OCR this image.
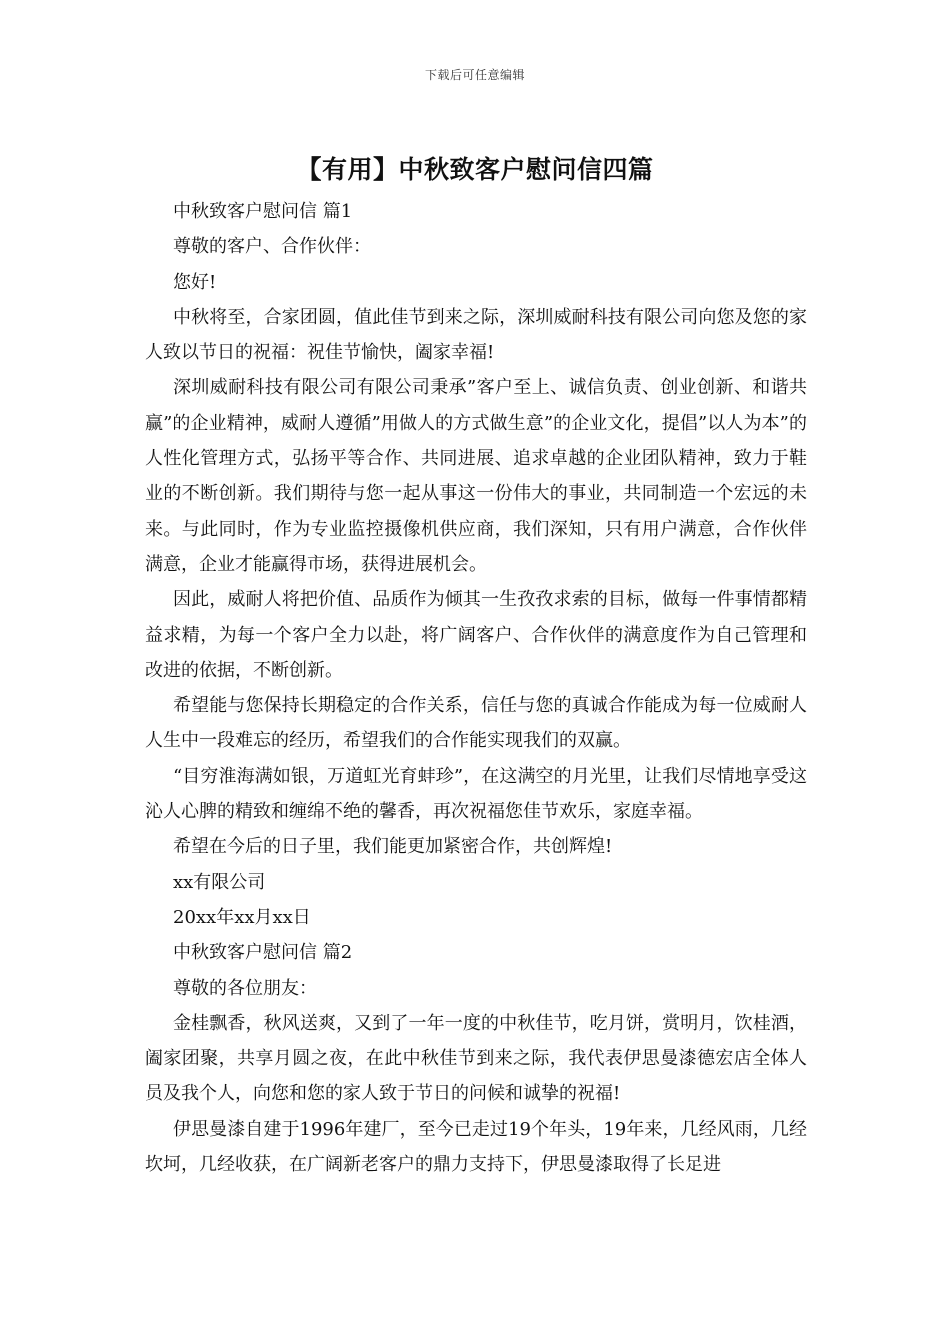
下载后可任意编辑
【有用】中秋致客户慰问信四篇

中秋致客户慰问信 篇1

尊敬的客户、合作伙伴：

您好!

中秋将至，合家团圆，值此佳节到来之际，深圳威耐科技有限公司向您及您的家人致以节日的祝福：祝佳节愉快，阖家幸福!

深圳威耐科技有限公司有限公司秉承”客户至上、诚信负责、创业创新、和谐共赢”的企业精神，威耐人遵循”用做人的方式做生意”的企业文化，提倡”以人为本”的人性化管理方式，弘扬平等合作、共同进展、追求卓越的企业团队精神，致力于鞋业的不断创新。我们期待与您一起从事这一份伟大的事业，共同制造一个宏远的未来。与此同时，作为专业监控摄像机供应商，我们深知，只有用户满意，合作伙伴满意，企业才能赢得市场，获得进展机会。

因此，威耐人将把价值、品质作为倾其一生孜孜求索的目标，做每一件事情都精益求精，为每一个客户全力以赴，将广阔客户、合作伙伴的满意度作为自己管理和改进的依据，不断创新。

希望能与您保持长期稳定的合作关系，信任与您的真诚合作能成为每一位威耐人人生中一段难忘的经历，希望我们的合作能实现我们的双赢。

“目穷淮海满如银，万道虹光育蚌珍”，在这满空的月光里，让我们尽情地享受这沁人心脾的精致和缠绵不绝的馨香，再次祝福您佳节欢乐，家庭幸福。

希望在今后的日子里，我们能更加紧密合作，共创辉煌!

xx有限公司

20xx年xx月xx日

中秋致客户慰问信 篇2

尊敬的各位朋友：

金桂飘香，秋风送爽，又到了一年一度的中秋佳节，吃月饼，赏明月，饮桂酒，阖家团聚，共享月圆之夜，在此中秋佳节到来之际，我代表伊思曼漆德宏店全体人员及我个人，向您和您的家人致于节日的问候和诚挚的祝福!

伊思曼漆自建于1996年建厂，至今已走过19个年头，19年来，几经风雨，几经坎坷，几经收获，在广阔新老客户的鼎力支持下，伊思曼漆取得了长足进
